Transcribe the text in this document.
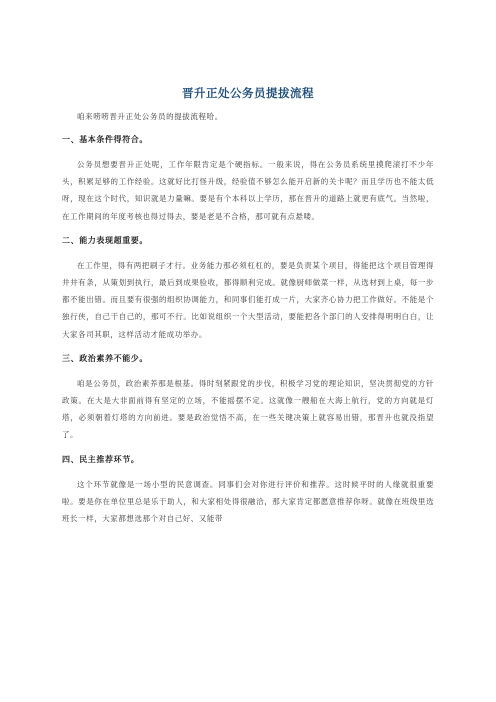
晋升正处公务员提拔流程

咱来唠唠晋升正处公务员的提拔流程哈。

一、基本条件得符合。

公务员想要晋升正处呢，工作年限肯定是个硬指标。一般来说，得在公务员系统里摸爬滚打不少年头，积累足够的工作经验。这就好比打怪升级，经验值不够怎么能开启新的关卡呢？而且学历也不能太低呀，现在这个时代，知识就是力量嘛。要是有个本科以上学历，那在晋升的道路上就更有底气。当然啦，在工作期间的年度考核也得过得去，要是老是不合格，那可就有点悬喽。

二、能力表现超重要。

在工作里，得有两把刷子才行。业务能力那必须杠杠的，要是负责某个项目，得能把这个项目管理得井井有条，从策划到执行，最后到成果验收，都得顺利完成。就像厨师做菜一样，从选材到上桌，每一步都不能出错。而且要有很强的组织协调能力，和同事们能打成一片，大家齐心协力把工作做好。不能是个独行侠，自己干自己的，那可不行。比如说组织一个大型活动，要能把各个部门的人安排得明明白白，让大家各司其职，这样活动才能成功举办。

三、政治素养不能少。

咱是公务员，政治素养那是根基。得时刻紧跟党的步伐，积极学习党的理论知识，坚决贯彻党的方针政策。在大是大非面前得有坚定的立场，不能摇摆不定。这就像一艘船在大海上航行，党的方向就是灯塔，必须朝着灯塔的方向前进。要是政治觉悟不高，在一些关键决策上就容易出错，那晋升也就没指望了。

四、民主推荐环节。

这个环节就像是一场小型的民意调查。同事们会对你进行评价和推荐。这时候平时的人缘就很重要啦。要是你在单位里总是乐于助人，和大家相处得很融洽，那大家肯定都愿意推荐你呀。就像在班级里选班长一样，大家都想选那个对自己好、又能带
